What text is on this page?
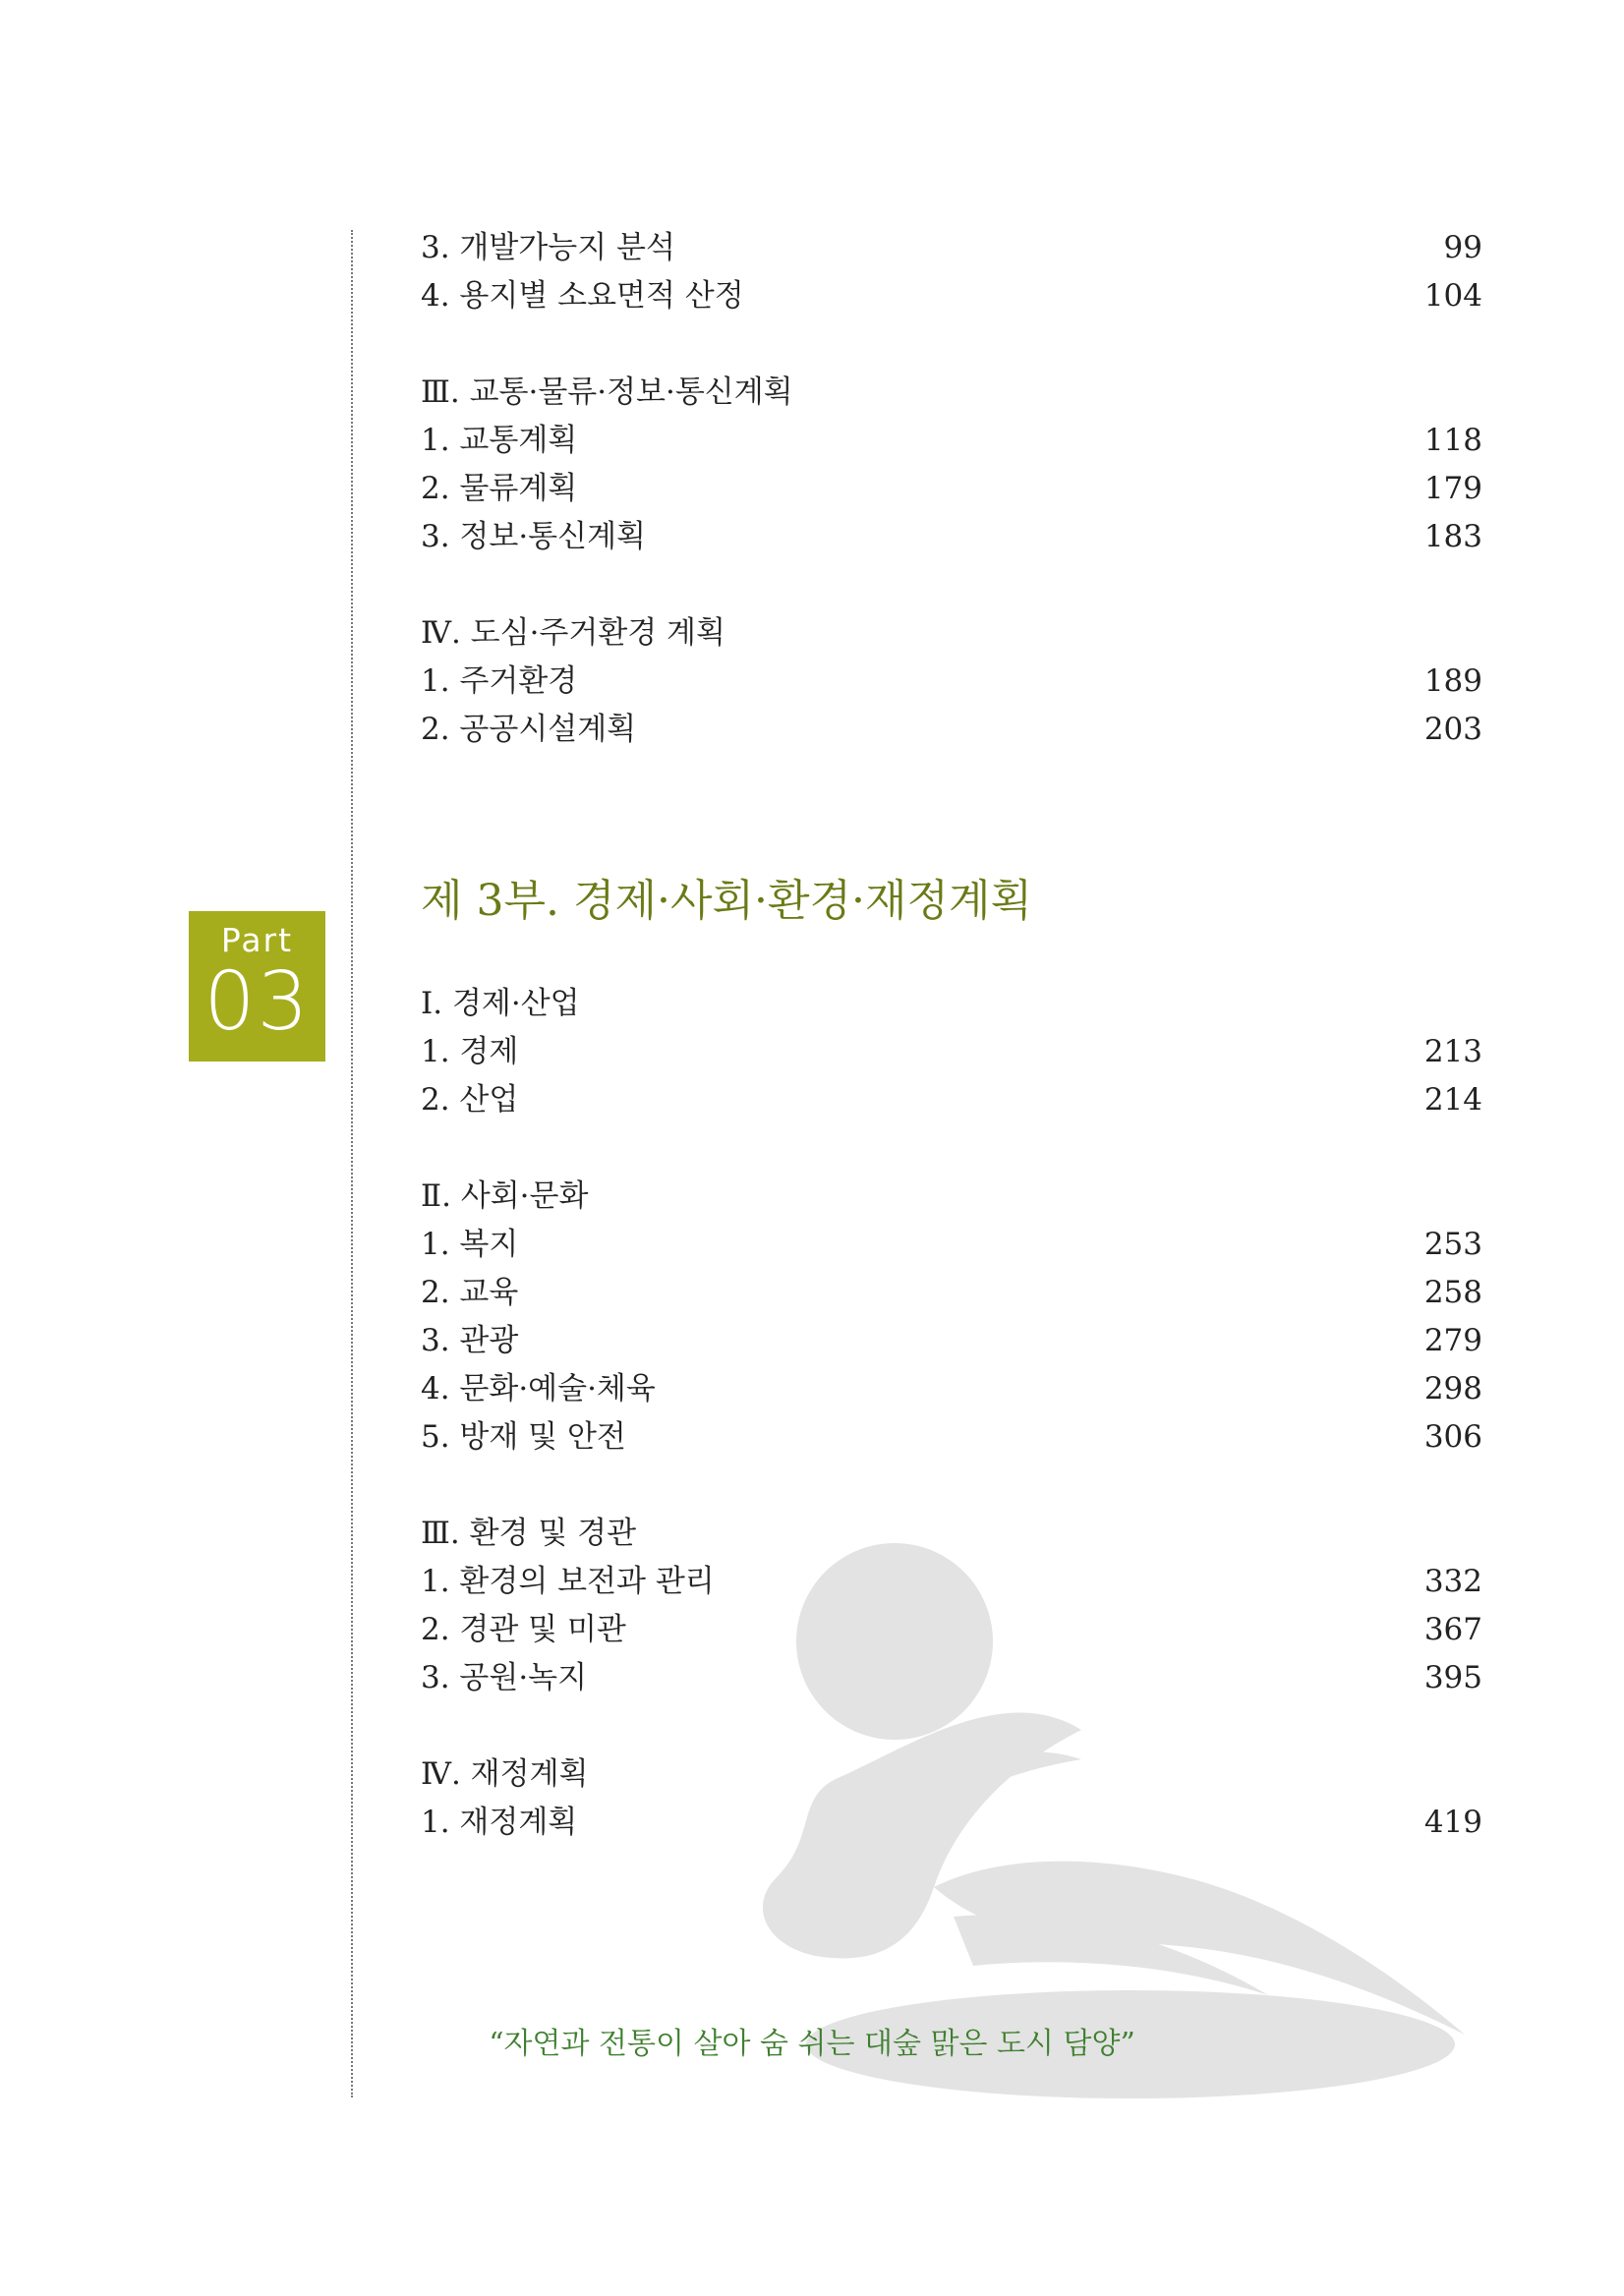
Part
03
3. 개발가능지 분석	99
4. 용지별 소요면적 산정	104
Ⅲ. 교통·물류·정보·통신계획
1. 교통계획	118
2. 물류계획	179
3. 정보·통신계획	183
Ⅳ. 도심·주거환경 계획
1. 주거환경	189
2. 공공시설계획	203
제 3부. 경제·사회·환경·재정계획
Ⅰ. 경제·산업
1. 경제	213
2. 산업	214
Ⅱ. 사회·문화
1. 복지	253
2. 교육	258
3. 관광	279
4. 문화·예술·체육	298
5. 방재 및 안전	306
Ⅲ. 환경 및 경관
1. 환경의 보전과 관리	332
2. 경관 및 미관	367
3. 공원·녹지	395
Ⅳ. 재정계획
1. 재정계획	419
“자연과 전통이 살아 숨 쉬는 대숲 맑은 도시 담양”
